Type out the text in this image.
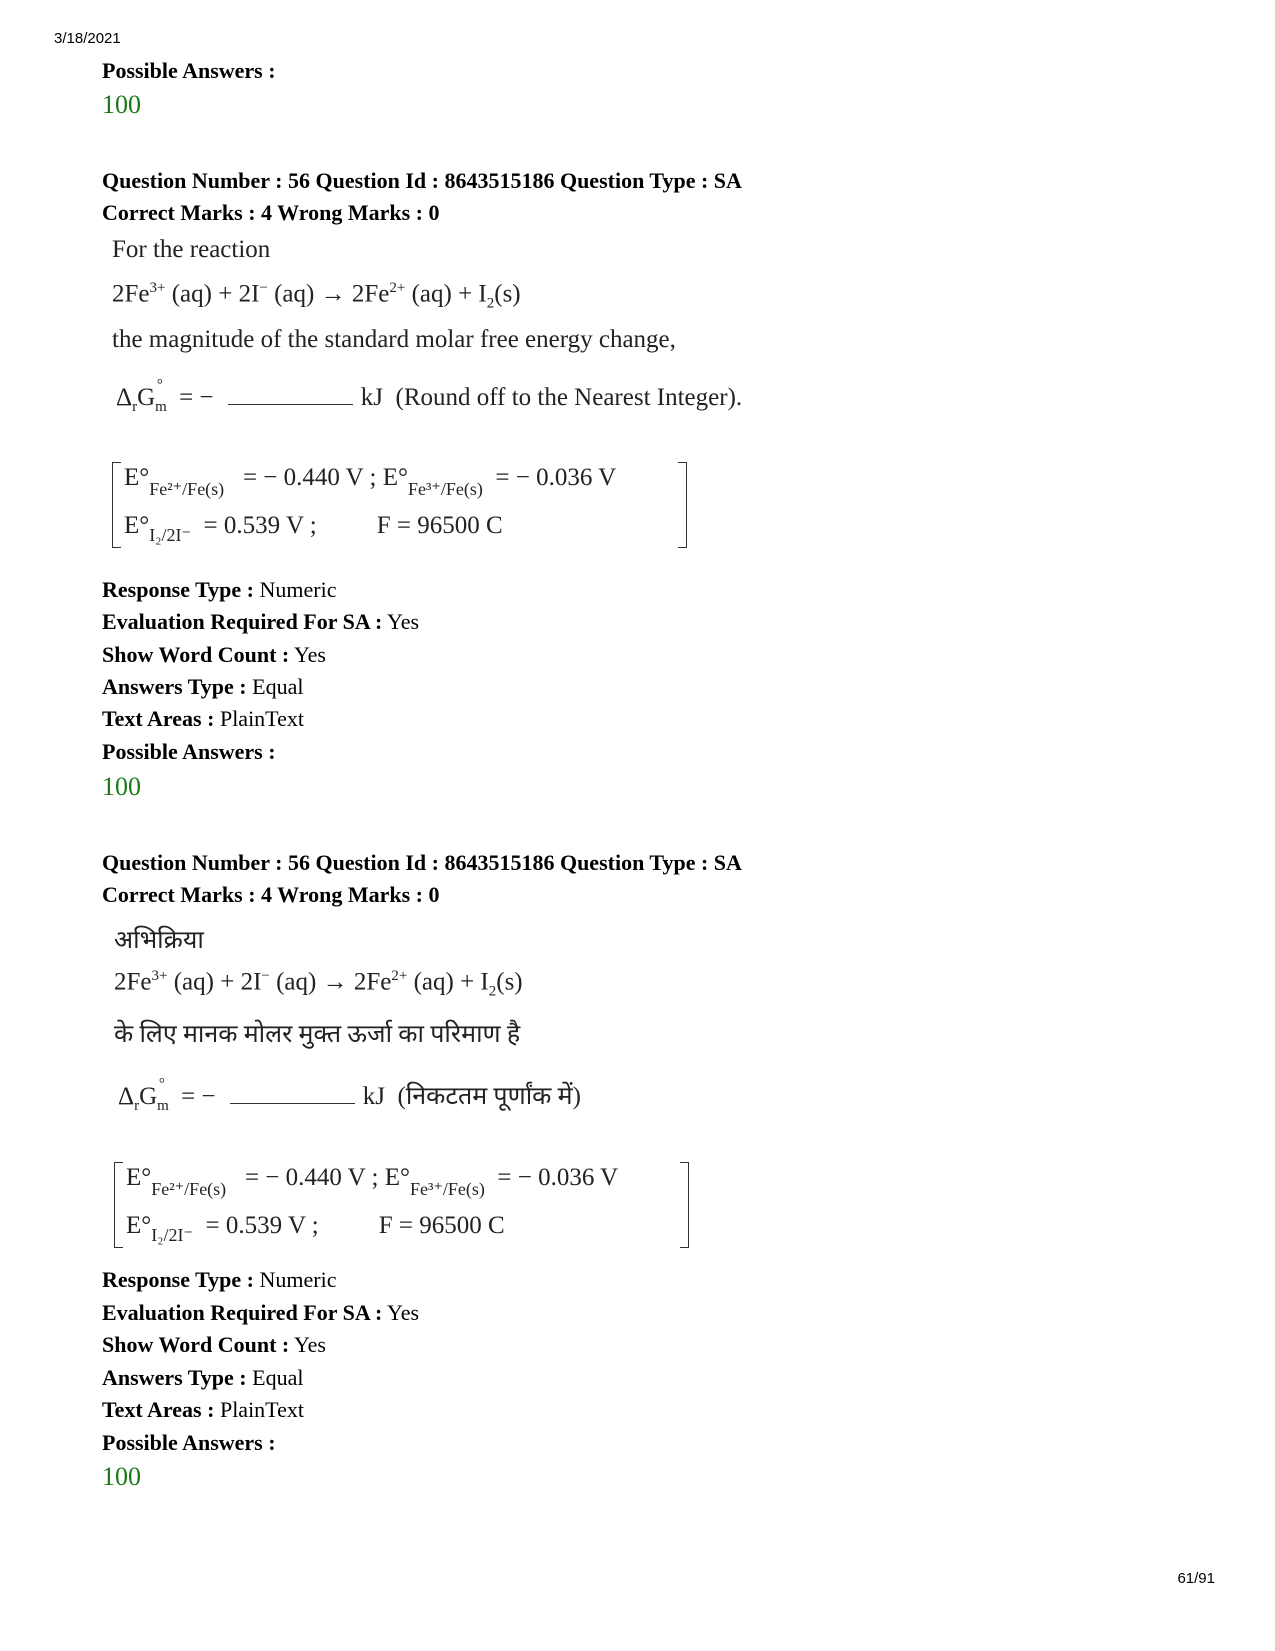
3/18/2021
Possible Answers :
100
Question Number : 56 Question Id : 8643515186 Question Type : SA
Correct Marks : 4 Wrong Marks : 0
For the reaction
$2Fe^{3+}$ (aq) + 2I− $(aq) \to 2Fe^{2+}$ $(aq) + I_2(s)$
the magnitude of the standard molar free energy change,
$\Delta_rG_{m^\circ}$ = −	kJ (Round off to the Nearest Integer).
$E^\circ_{Fe^{2+}/Fe(s)}$ = − 0.440 V ; $E^\circ_{Fe^{3+}/Fe(s)}$ = − 0.036 V
$E^\circ_{I_2/2I^-} = 0.539$ V ; F = 96500 C
Response Type : Numeric
Evaluation Required For SA : Yes
Show Word Count : Yes
Answers Type : Equal
Text Areas : PlainText
Possible Answers :
100
Question Number : 56 Question Id : 8643515186 Question Type : SA
Correct Marks : 4 Wrong Marks : 0
अभिक्रिया
$2Fe^{3+}$ (aq) + 2I− $(aq) \to 2Fe^{2+}$ $(aq) + I_2(s)$
के लिए मानक मोलर मुक्त ऊर्जा का परिमाण है
$\Delta_rG_{m^\circ}$ = −	kJ (निकटतम पूर्णांक में)
$E^\circ_{Fe^{2+}/Fe(s)}$ = − 0.440 V ; $E^\circ_{Fe^{3+}/Fe(s)}$ = − 0.036 V
$E^\circ_{I_2/2I^-} = 0.539$ V ; F = 96500 C
Response Type : Numeric
Evaluation Required For SA : Yes
Show Word Count : Yes
Answers Type : Equal
Text Areas : PlainText
Possible Answers :
100
61/91
